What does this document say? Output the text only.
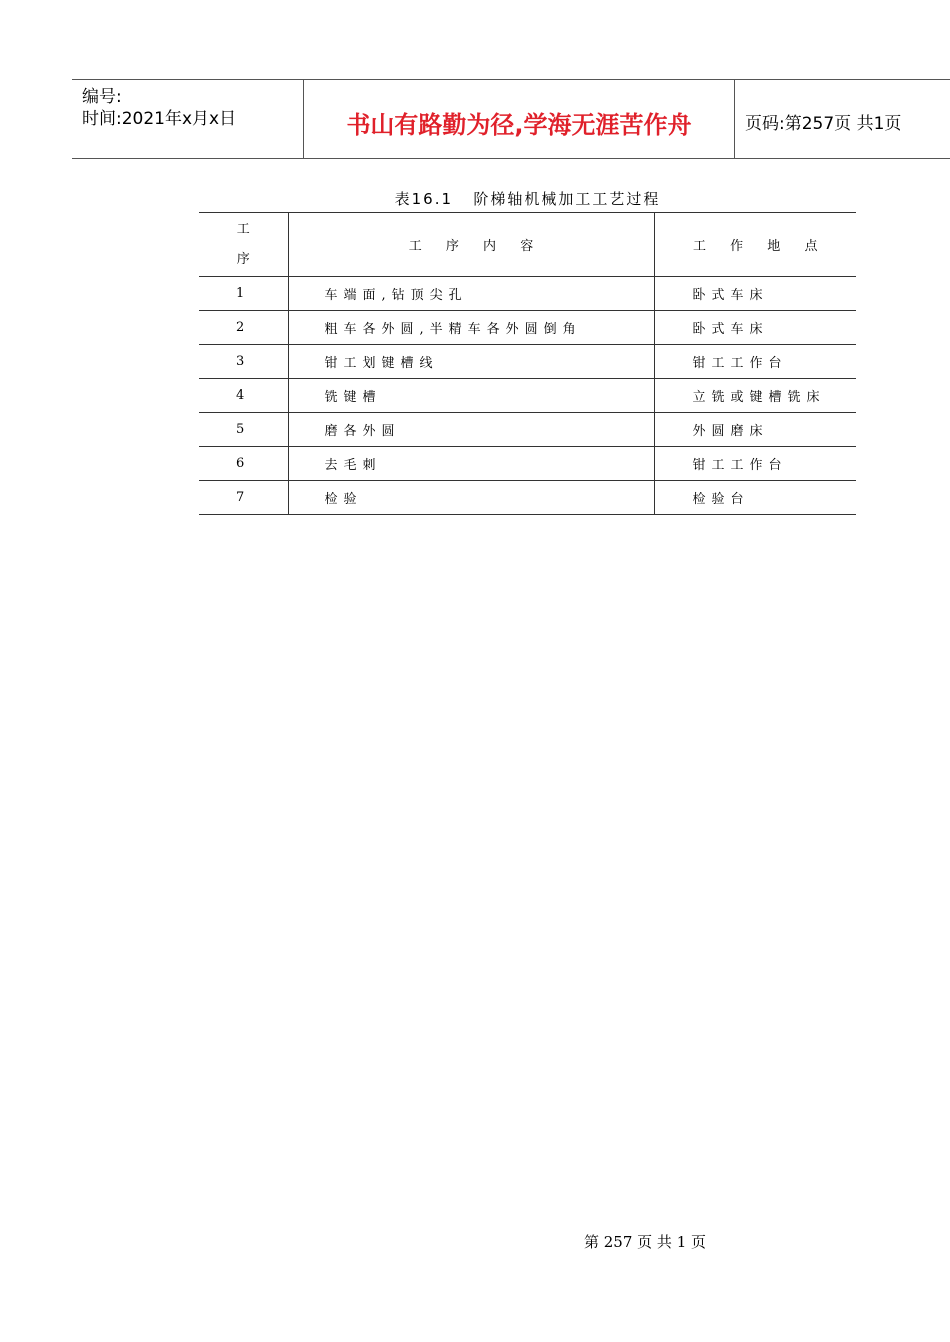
编号:
时间:2021年x月x日	书山有路勤为径,学海无涯苦作舟	页码:第257页 共1页
表16.1   阶梯轴机械加工工艺过程
工
序	工 序 内 容	工 作 地 点
1	车端面,钻顶尖孔	卧式车床
2	粗车各外圆,半精车各外圆倒角	卧式车床
3	钳工划键槽线	钳工工作台
4	铣键槽	立铣或键槽铣床
5	磨各外圆	外圆磨床
6	去毛刺	钳工工作台
7	检验	检验台
第 257 页 共 1 页
